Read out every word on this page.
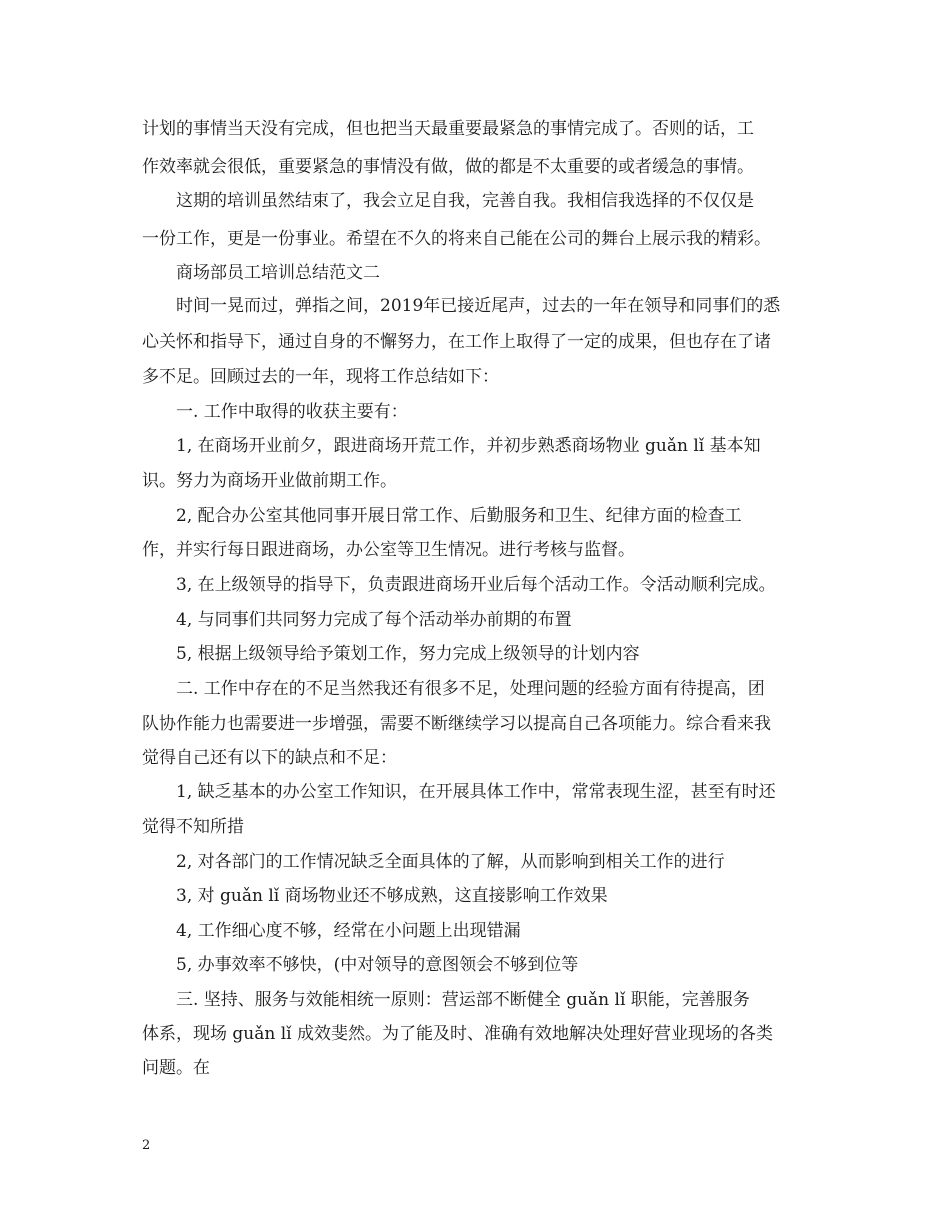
计划的事情当天没有完成，但也把当天最重要最紧急的事情完成了。否则的话，工
作效率就会很低，重要紧急的事情没有做，做的都是不太重要的或者缓急的事情。
这期的培训虽然结束了，我会立足自我，完善自我。我相信我选择的不仅仅是
一份工作，更是一份事业。希望在不久的将来自己能在公司的舞台上展示我的精彩。
商场部员工培训总结范文二
时间一晃而过，弹指之间，2019年已接近尾声，过去的一年在领导和同事们的悉
心关怀和指导下，通过自身的不懈努力，在工作上取得了一定的成果，但也存在了诸
多不足。回顾过去的一年，现将工作总结如下：
一. 工作中取得的收获主要有：
1, 在商场开业前夕，跟进商场开荒工作，并初步熟悉商场物业 guǎn lǐ 基本知
识。努力为商场开业做前期工作。
2, 配合办公室其他同事开展日常工作、后勤服务和卫生、纪律方面的检查工
作，并实行每日跟进商场，办公室等卫生情况。进行考核与监督。
3, 在上级领导的指导下，负责跟进商场开业后每个活动工作。令活动顺利完成。
4, 与同事们共同努力完成了每个活动举办前期的布置
5, 根据上级领导给予策划工作，努力完成上级领导的计划内容
二. 工作中存在的不足当然我还有很多不足，处理问题的经验方面有待提高，团
队协作能力也需要进一步增强，需要不断继续学习以提高自己各项能力。综合看来我
觉得自己还有以下的缺点和不足：
1, 缺乏基本的办公室工作知识，在开展具体工作中，常常表现生涩，甚至有时还
觉得不知所措
2, 对各部门的工作情况缺乏全面具体的了解，从而影响到相关工作的进行
3, 对 guǎn lǐ 商场物业还不够成熟，这直接影响工作效果
4, 工作细心度不够，经常在小问题上出现错漏
5, 办事效率不够快，(中对领导的意图领会不够到位等
三. 坚持、服务与效能相统一原则：营运部不断健全 guǎn lǐ 职能，完善服务
体系，现场 guǎn lǐ 成效斐然。为了能及时、准确有效地解决处理好营业现场的各类
问题。在
2
